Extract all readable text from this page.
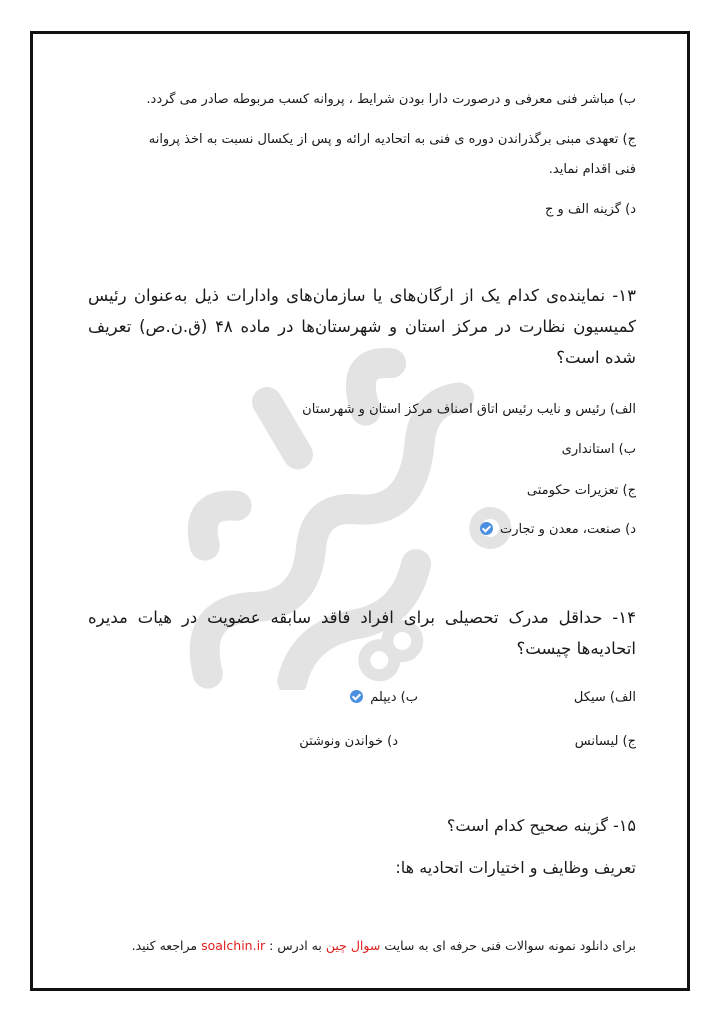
ب) مباشر فنی معرفی و درصورت دارا بودن شرایط ، پروانه کسب مربوطه صادر می گردد.
ج) تعهدی مبنی برگذراندن دوره ی فنی به اتحادیه ارائه و پس از یکسال نسبت به اخذ پروانه
فنی اقدام نماید.
د) گزینه الف و ج
۱۳- نماینده‌ی کدام یک از ارگان‌های یا سازمان‌های وادارات ذیل به‌عنوان رئیس کمیسیون نظارت در مرکز استان و شهرستان‌ها در ماده ۴۸ (ق.ن.ص) تعریف شده است؟
الف) رئیس و نایب رئیس اتاق اصناف مرکز استان و شهرستان
ب) استانداری
ج) تعزیرات حکومتی
د) صنعت، معدن و تجارت
۱۴- حداقل مدرک تحصیلی برای افراد فاقد سابقه عضویت در هیات مدیره اتحادیه‌ها چیست؟
الف) سیکل
ب) دیپلم
ج) لیسانس
د) خواندن ونوشتن
۱۵- گزینه صحیح کدام است؟
تعریف وظایف و اختیارات اتحادیه ها:
برای دانلود نمونه سوالات فنی حرفه ای به سایت سوال چین به ادرس : soalchin.ir مراجعه کنید.
